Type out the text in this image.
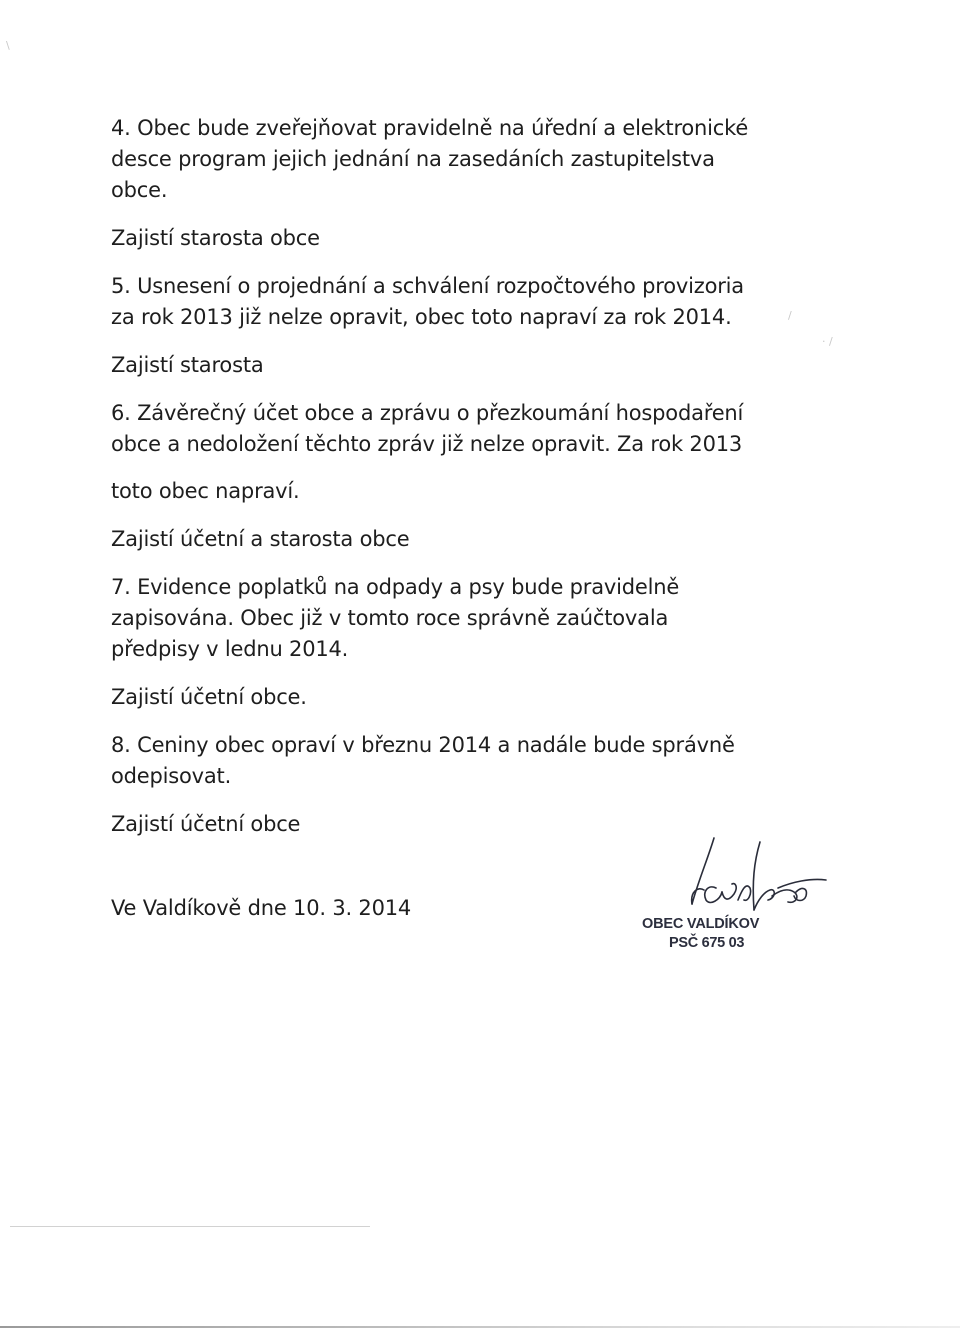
4. Obec bude zveřejňovat pravidelně na úřední a elektronické
desce program jejich jednání na zasedáních zastupitelstva
obce.
Zajistí starosta obce
5. Usnesení o projednání a schválení rozpočtového provizoria
za rok 2013 již nelze opravit, obec toto napraví za rok 2014.
Zajistí starosta
6. Závěrečný účet obce a zprávu o přezkoumání hospodaření
obce a nedoložení těchto zpráv již nelze opravit. Za rok 2013
toto obec napraví.
Zajistí účetní a starosta obce
7. Evidence poplatků na odpady a psy bude pravidelně
zapisována. Obec již v tomto roce správně zaúčtovala
předpisy v lednu 2014.
Zajistí účetní obce.
8. Ceniny obec opraví v březnu 2014 a nadále bude správně
odepisovat.
Zajistí účetní obce
Ve Valdíkově dne 10. 3. 2014
OBEC VALDÍKOV
PSČ 675 03
/
· /
\
